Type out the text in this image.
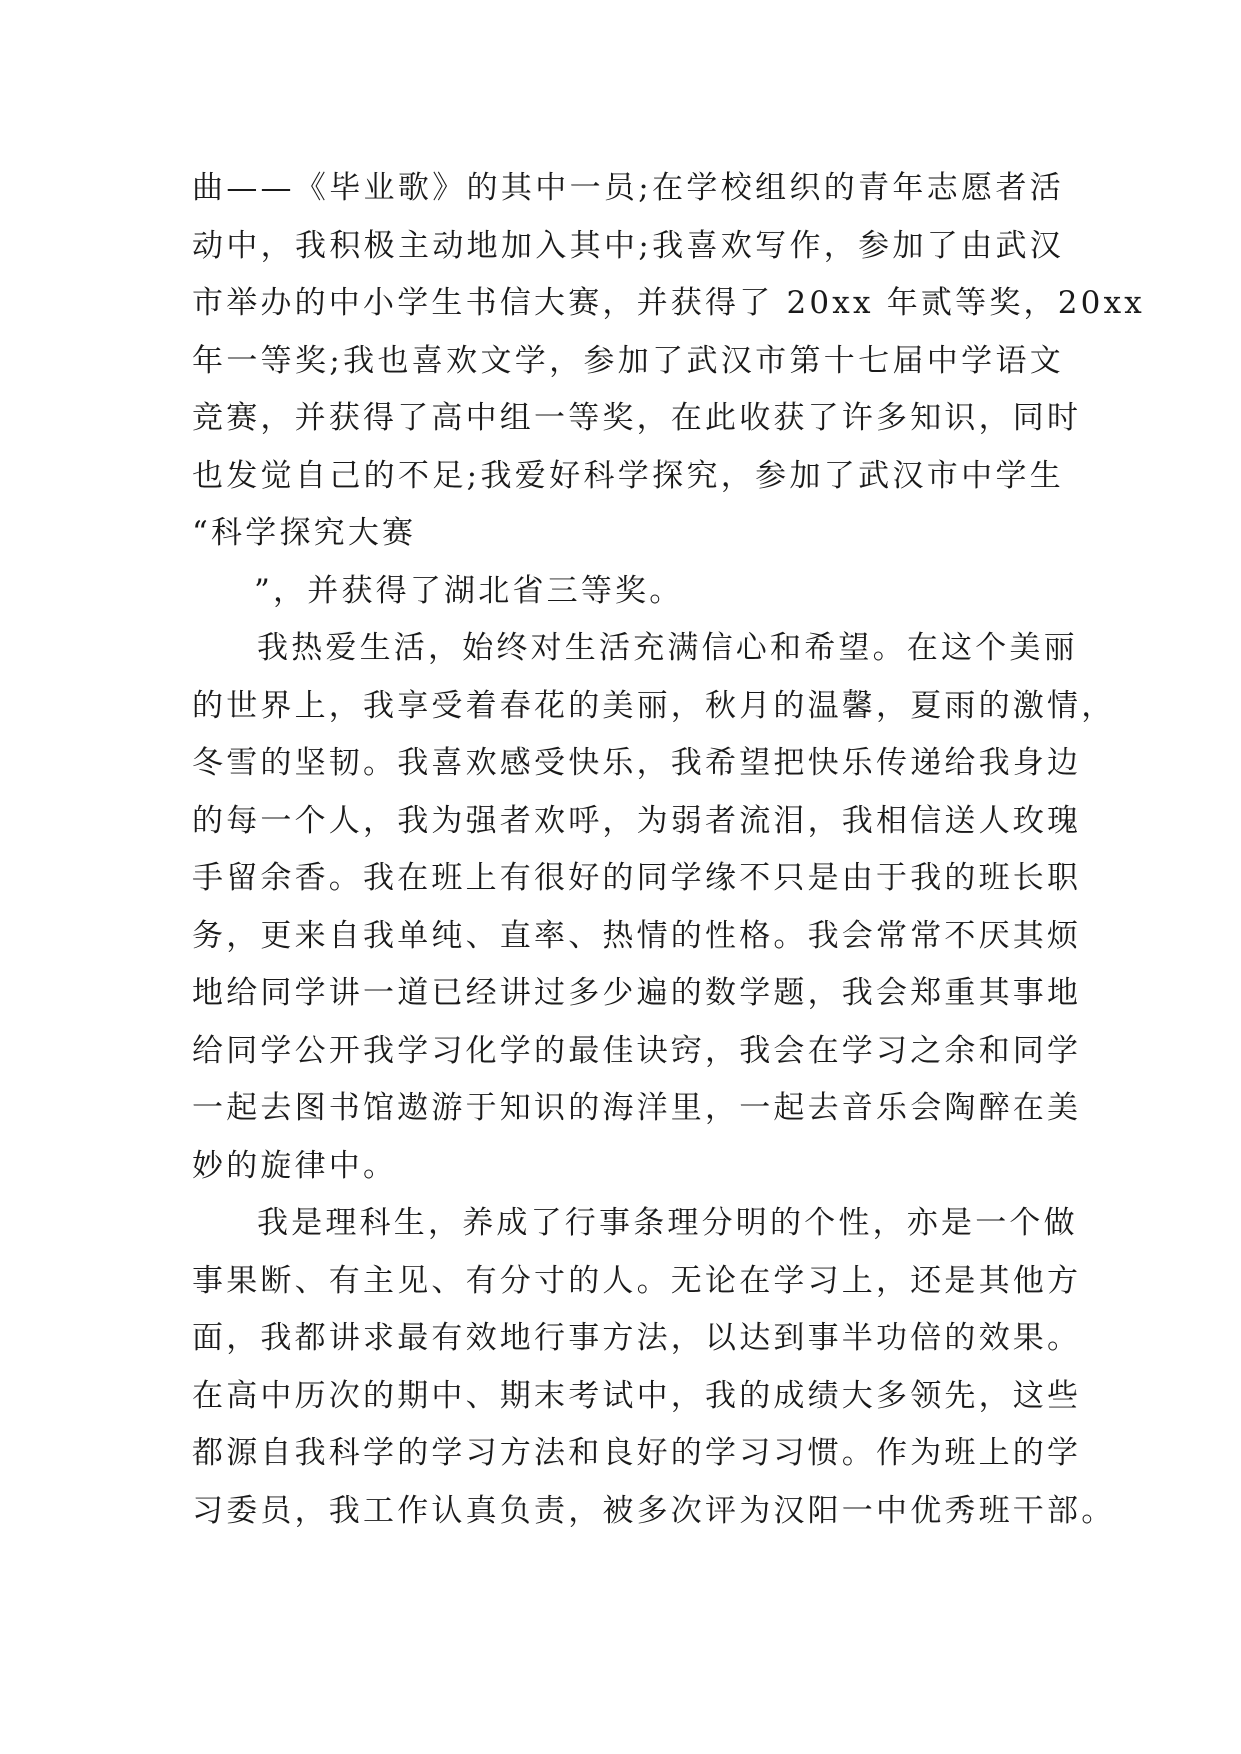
曲——《毕业歌》的其中一员;在学校组织的青年志愿者活
动中，我积极主动地加入其中;我喜欢写作，参加了由武汉
市举办的中小学生书信大赛，并获得了 20xx 年贰等奖，20xx
年一等奖;我也喜欢文学，参加了武汉市第十七届中学语文
竞赛，并获得了高中组一等奖，在此收获了许多知识，同时
也发觉自己的不足;我爱好科学探究，参加了武汉市中学生
“科学探究大赛
”，并获得了湖北省三等奖。
我热爱生活，始终对生活充满信心和希望。在这个美丽
的世界上，我享受着春花的美丽，秋月的温馨，夏雨的激情，
冬雪的坚韧。我喜欢感受快乐，我希望把快乐传递给我身边
的每一个人，我为强者欢呼，为弱者流泪，我相信送人玫瑰
手留余香。我在班上有很好的同学缘不只是由于我的班长职
务，更来自我单纯、直率、热情的性格。我会常常不厌其烦
地给同学讲一道已经讲过多少遍的数学题，我会郑重其事地
给同学公开我学习化学的最佳诀窍，我会在学习之余和同学
一起去图书馆遨游于知识的海洋里，一起去音乐会陶醉在美
妙的旋律中。
我是理科生，养成了行事条理分明的个性，亦是一个做
事果断、有主见、有分寸的人。无论在学习上，还是其他方
面，我都讲求最有效地行事方法，以达到事半功倍的效果。
在高中历次的期中、期末考试中，我的成绩大多领先，这些
都源自我科学的学习方法和良好的学习习惯。作为班上的学
习委员，我工作认真负责，被多次评为汉阳一中优秀班干部。
